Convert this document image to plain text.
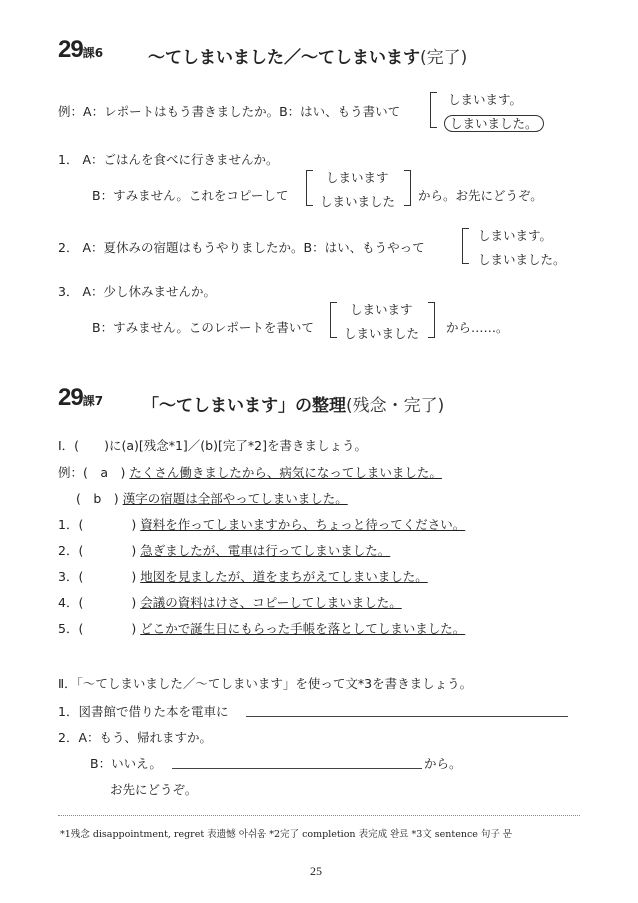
29課6	〜てしまいました／〜てしまいます(完了)
例：A：レポートはもう書きましたか。B：はい、もう書いて
しまいます。
しまいました。
1． A：ごはんを食べに行きませんか。
B：すみません。これをコピーして
しまいます
しまいました から。お先にどうぞ。
2． A：夏休みの宿題はもうやりましたか。B：はい、もうやって
しまいます。
しまいました。
3． A：少し休みませんか。
B：すみません。このレポートを書いて
しまいます
しまいました から……。
29課7 「〜てしまいます」の整理(残念・完了)
Ⅰ．(　　)に(a)[残念*1]／(b)[完了*2]を書きましょう。
例：(　a　) たくさん働きましたから、病気になってしまいました。
(　b　) 漢字の宿題は全部やってしまいました。
1．(	) 資料を作ってしまいますから、ちょっと待ってください。
2．(	) 急ぎましたが、電車は行ってしまいました。
3．(	) 地図を見ましたが、道をまちがえてしまいました。
4．(	) 会議の資料はけさ、コピーしてしまいました。
5．(	) どこかで誕生日にもらった手帳を落としてしまいました。
Ⅱ．「〜てしまいました／〜てしまいます」を使って文*3を書きましょう。
1．図書館で借りた本を電車に
2．A：もう、帰れますか。
B：いいえ。	から。
お先にどうぞ。
*1残念 disappointment, regret 表遗憾 아쉬움 *2完了 completion 表完成 완료 *3文 sentence 句子 문
25
